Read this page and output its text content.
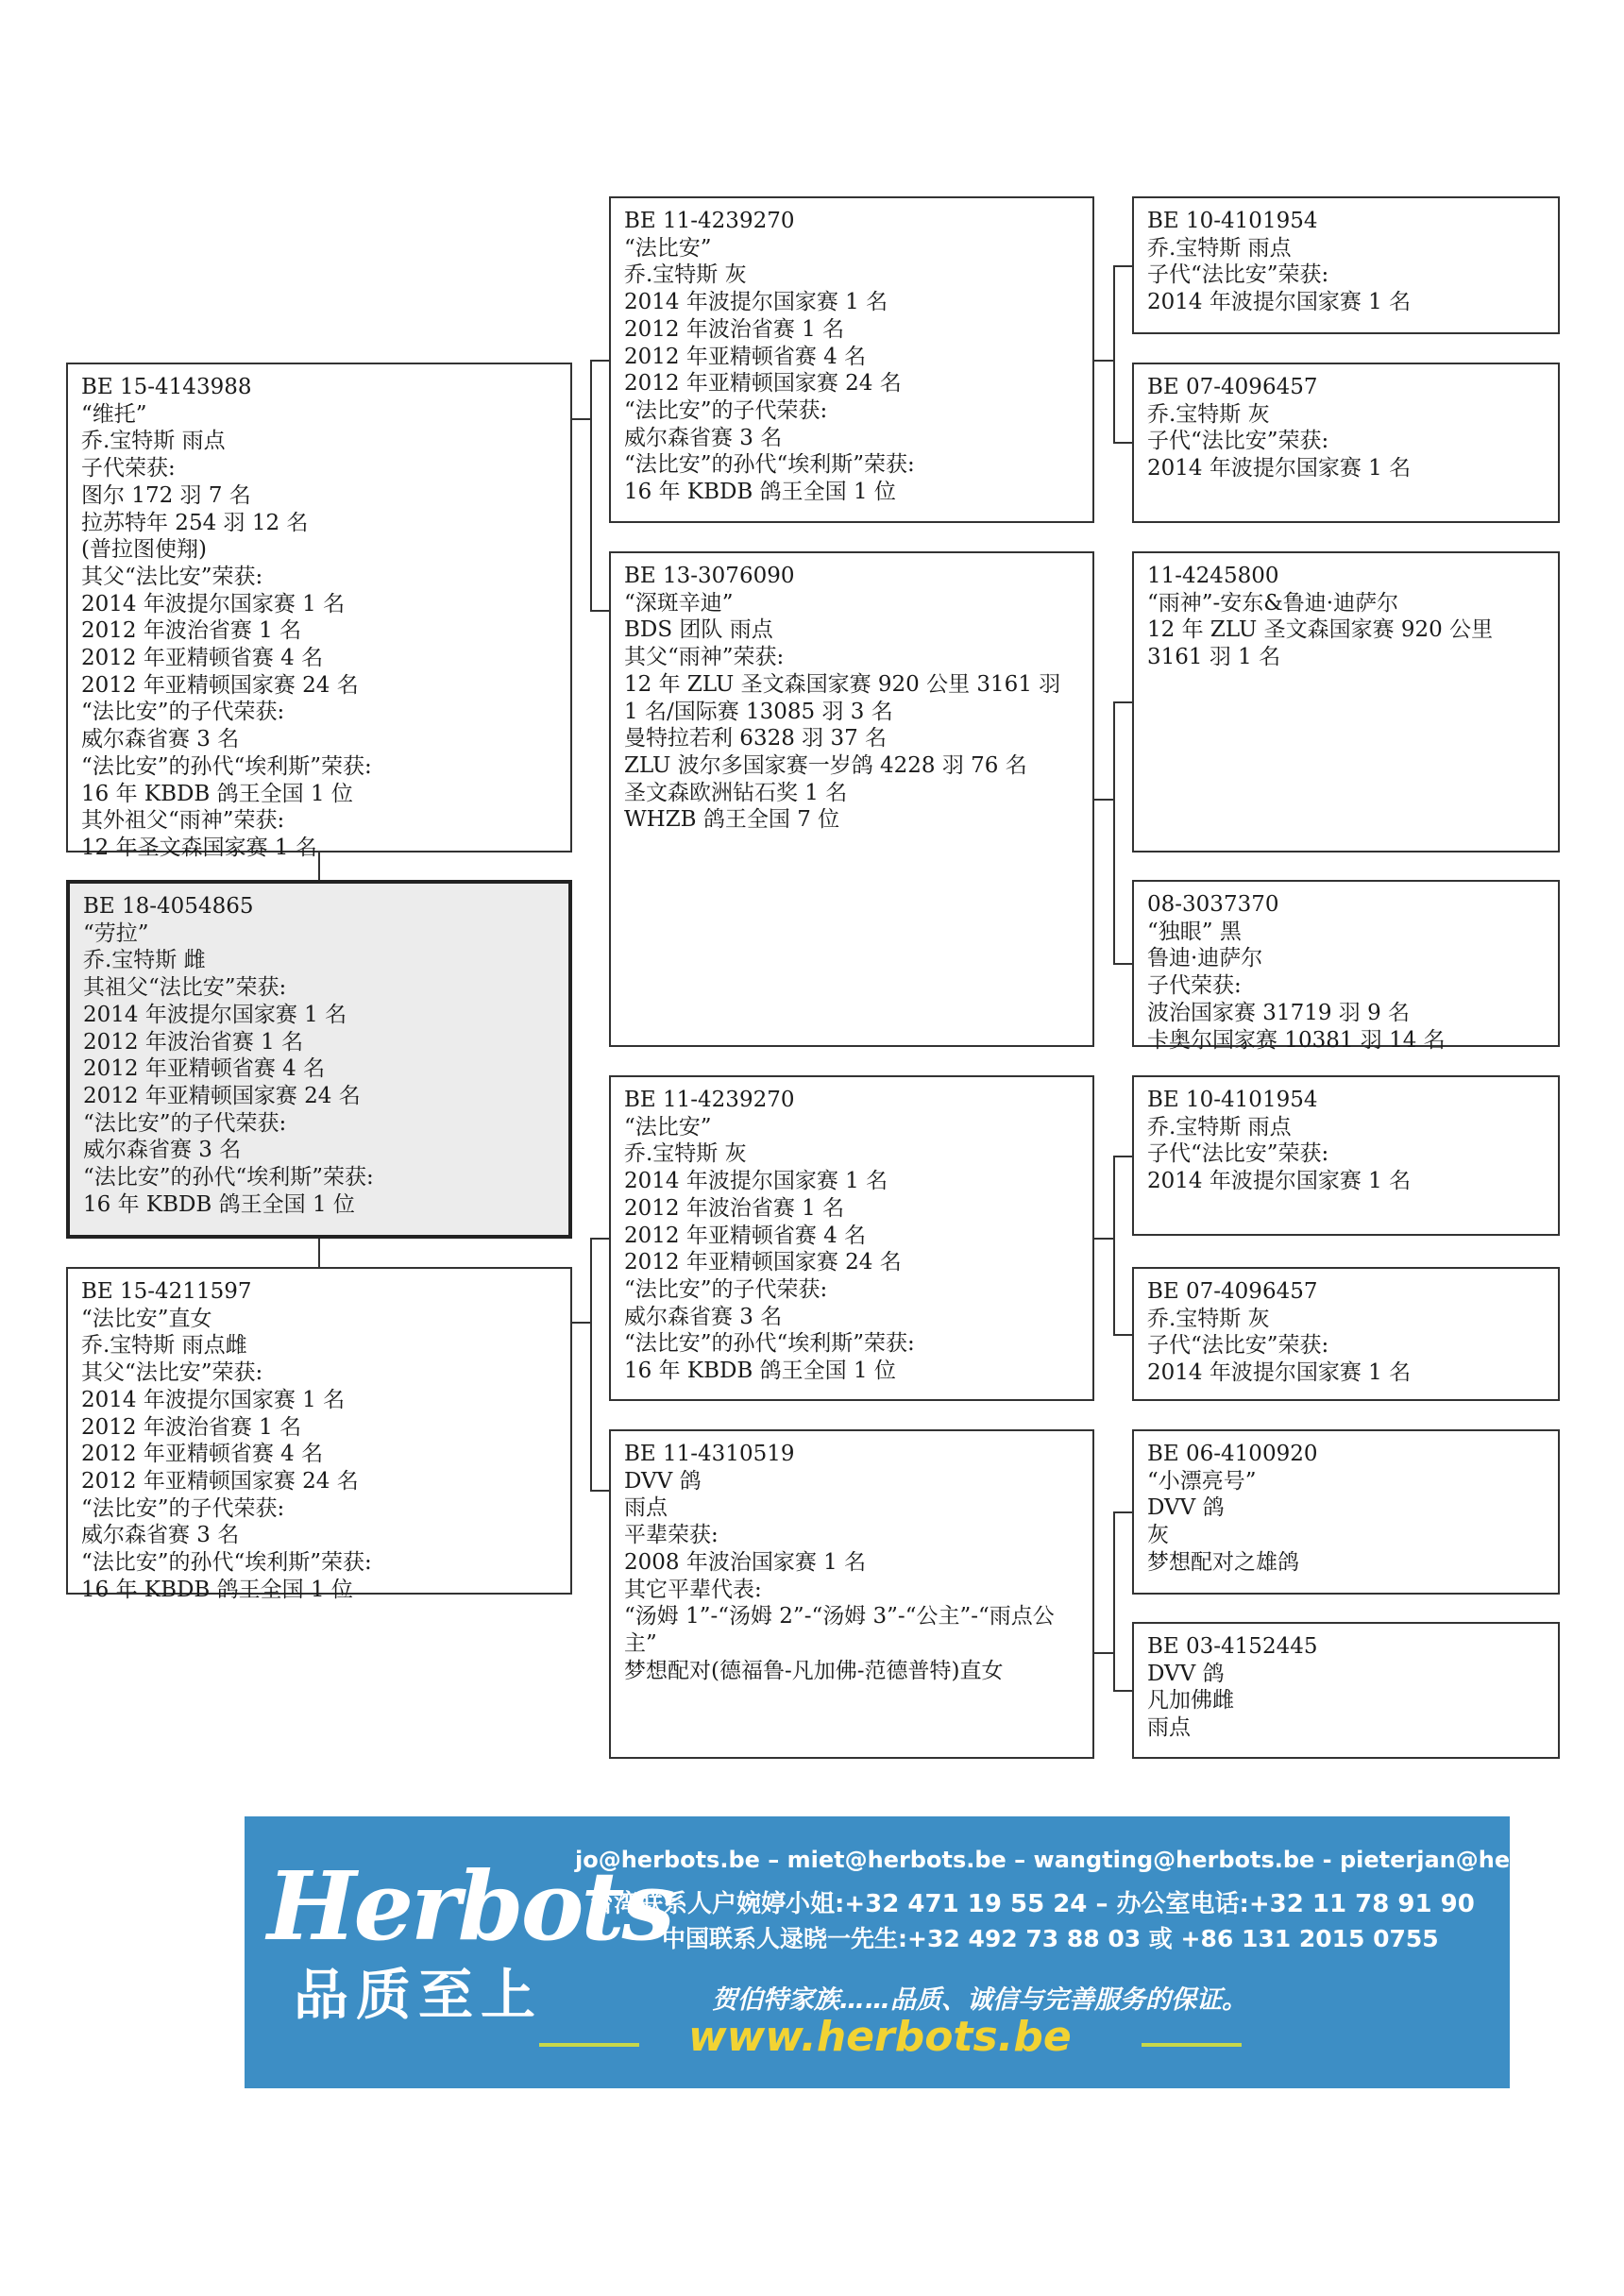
BE 15-4143988
“维托”
乔.宝特斯 雨点
子代荣获:
图尔 172 羽 7 名
拉苏特年 254 羽 12 名
(普拉图使翔)
其父“法比安”荣获:
2014 年波提尔国家赛 1 名
2012 年波治省赛 1 名
2012 年亚精顿省赛 4 名
2012 年亚精顿国家赛 24 名
“法比安”的子代荣获:
威尔森省赛 3 名
“法比安”的孙代“埃利斯”荣获:
16 年 KBDB 鸽王全国 1 位
其外祖父“雨神”荣获:
12 年圣文森国家赛 1 名
BE 18-4054865
“劳拉”
乔.宝特斯 雌
其祖父“法比安”荣获:
2014 年波提尔国家赛 1 名
2012 年波治省赛 1 名
2012 年亚精顿省赛 4 名
2012 年亚精顿国家赛 24 名
“法比安”的子代荣获:
威尔森省赛 3 名
“法比安”的孙代“埃利斯”荣获:
16 年 KBDB 鸽王全国 1 位
BE 15-4211597
“法比安”直女
乔.宝特斯 雨点雌
其父“法比安”荣获:
2014 年波提尔国家赛 1 名
2012 年波治省赛 1 名
2012 年亚精顿省赛 4 名
2012 年亚精顿国家赛 24 名
“法比安”的子代荣获:
威尔森省赛 3 名
“法比安”的孙代“埃利斯”荣获:
16 年 KBDB 鸽王全国 1 位
BE 11-4239270
“法比安”
乔.宝特斯 灰
2014 年波提尔国家赛 1 名
2012 年波治省赛 1 名
2012 年亚精顿省赛 4 名
2012 年亚精顿国家赛 24 名
“法比安”的子代荣获:
威尔森省赛 3 名
“法比安”的孙代“埃利斯”荣获:
16 年 KBDB 鸽王全国 1 位
BE 13-3076090
“深斑辛迪”
BDS 团队 雨点
其父“雨神”荣获:
12 年 ZLU 圣文森国家赛 920 公里 3161 羽 1 名/国际赛 13085 羽 3 名
曼特拉若利 6328 羽 37 名
ZLU 波尔多国家赛一岁鸽 4228 羽 76 名
圣文森欧洲钻石奖 1 名
WHZB 鸽王全国 7 位
BE 11-4239270
“法比安”
乔.宝特斯 灰
2014 年波提尔国家赛 1 名
2012 年波治省赛 1 名
2012 年亚精顿省赛 4 名
2012 年亚精顿国家赛 24 名
“法比安”的子代荣获:
威尔森省赛 3 名
“法比安”的孙代“埃利斯”荣获:
16 年 KBDB 鸽王全国 1 位
BE 11-4310519
DVV 鸽
雨点
平辈荣获:
2008 年波治国家赛 1 名
其它平辈代表:
“汤姆 1”-“汤姆 2”-“汤姆 3”-“公主”-“雨点公主”
梦想配对(德福鲁-凡加佛-范德普特)直女
BE 10-4101954
乔.宝特斯 雨点
子代“法比安”荣获:
2014 年波提尔国家赛 1 名
BE 07-4096457
乔.宝特斯 灰
子代“法比安”荣获:
2014 年波提尔国家赛 1 名
11-4245800
“雨神”-安东&鲁迪·迪萨尔
12 年 ZLU 圣文森国家赛 920 公里 3161 羽 1 名
08-3037370
“独眼” 黑
鲁迪·迪萨尔
子代荣获:
波治国家赛 31719 羽 9 名
卡奥尔国家赛 10381 羽 14 名
BE 10-4101954
乔.宝特斯 雨点
子代“法比安”荣获:
2014 年波提尔国家赛 1 名
BE 07-4096457
乔.宝特斯 灰
子代“法比安”荣获:
2014 年波提尔国家赛 1 名
BE 06-4100920
“小漂亮号”
DVV 鸽
灰
梦想配对之雄鸽
BE 03-4152445
DVV 鸽
凡加佛雌
雨点
Herbots
品质至上
jo@herbots.be – miet@herbots.be – wangting@herbots.be - pieterjan@herbots.be
台湾联系人户婉婷小姐:+32 471 19 55 24 – 办公室电话:+32 11 78 91 90
中国联系人逯晓一先生:+32 492 73 88 03 或 +86 131 2015 0755
贺伯特家族……品质、诚信与完善服务的保证。
www.herbots.be
